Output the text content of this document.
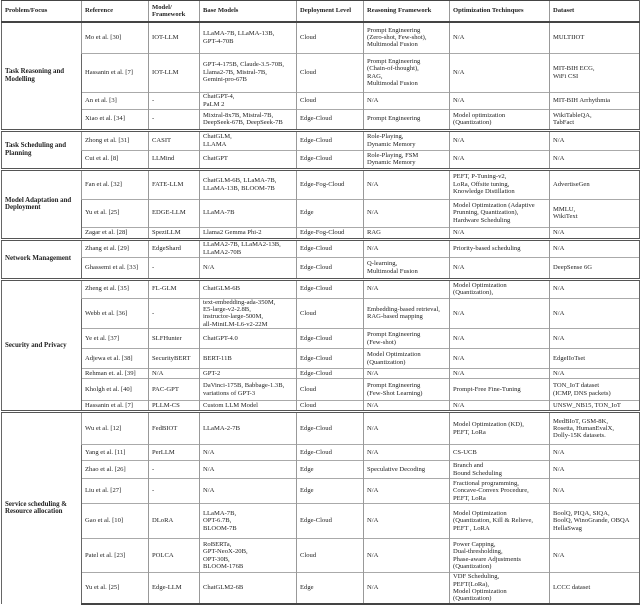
Problem/Focus	Reference	Model/ Framework	Base Models	Deployment Level	Reasoning Framework	Optimization Techinques	Dataset
Task Reasoning and Modelling	Mo et al. [30]	IOT-LLM	LLaMA-7B, LLaMA-13B,
GPT-4-70B	Cloud	Prompt Engineering
(Zero-shot, Few-shot),
Multimodal Fusion	N/A	MULTIIOT

	Hassanin et al. [7]	IOT-LLM	GPT-4-175B, Claude-3.5-70B,
Llama2-7B, Mistral-7B,
Gemini-pro-67B	Cloud	Prompt Engineering
(Chain-of-thought),
RAG,
Multimodal Fusion	N/A	MIT-BIH ECG,
WiFi CSI

	An et al. [3]	-	ChatGPT-4,
PaLM 2	Cloud	N/A	N/A	MIT-BIH Arrhythmia

	Xiao et al. [34]	-	Mixtral-8x7B, Mistral-7B,
DeepSeek-67B, DeepSeek-7B	Edge-Cloud	Prompt Engineering	Model optimization
(Quantization)	WikiTableQA,
TabFact

Task Scheduling and Planning	Zhong et al. [31]	CASIT	ChatGLM,
LLAMA	Edge-Cloud	Role-Playing,
Dynamic Memory	N/A	N/A

	Cui et al. [8]	LLMind	ChatGPT	Edge-Cloud	Role-Playing, FSM
Dynamic Memory	N/A	N/A

Model Adaptation and Deployment	Fan et al. [32]	FATE-LLM	ChatGLM-6B, LLaMA-7B,
LLaMA-13B, BLOOM-7B	Edge-Fog-Cloud	N/A	PEFT, P-Tuning-v2,
LoRa, Offsite tuning,
Knowledge Distillation	AdvertiseGen

	Yu et al. [25]	EDGE-LLM	LLaMA-7B	Edge	N/A	Model Optimization (Adaptive
Prunning, Quantization),
Hardware Scheduling	MMLU,
WikiText

	Zagar et al. [28]	SpeziLLM	Llama2 Gemma Phi-2	Edge-Fog-Cloud	RAG	N/A	N/A

Network Management	Zhang et al. [29]	EdgeShard	LLaMA2-7B, LLaMA2-13B,
LLaMA2-70B	Edge-Cloud	N/A	Priority-based scheduling	N/A

	Ghassemi et al. [33]	-	N/A	Edge-Cloud	Q-learning,
Multimodal Fusion	N/A	DeepSense 6G

Security and Privacy	Zheng et al. [35]	FL-GLM	ChatGLM-6B	Edge-Cloud	N/A	Model Optimization
(Quantization),	N/A

	Webb et al. [36]	-	text-embedding-ada-350M,
E5-large-v2-2.8B,
instructor-large-500M,
all-MiniLM-L6-v2-22M	Cloud	Embedding-based retrieval,
RAG-based mapping	N/A	N/A

	Ye et al. [37]	SLFHunter	ChatGPT-4.0	Edge-Cloud	Prompt Engineering
(Few-shot)	N/A	N/A

	Adjewa et al. [38]	SecurityBERT	BERT-11B	Edge-Cloud	Model Optimization
(Quantization)	N/A	EdgeIIoTset

	Rehman et. al. [39]	N/A	GPT-2	Edge-Cloud	N/A	N/A	N/A

	Kholgh et al. [40]	PAC-GPT	DaVinci-175B, Babbage-1.3B,
variations of GPT-3	Cloud	Prompt Engineering
(Few-Shot Learning)	Prompt-Free Fine-Tuning	TON_IoT dataset
(ICMP, DNS packets)

	Hassanin et al. [7]	PLLM-CS	Custom LLM Model	Cloud	N/A	N/A	UNSW_NB15, TON_IoT

Service scheduling & Resource allocation	Wu et al. [12]	FedBIOT	LLaMA-2-7B	Edge-Cloud	N/A	Model Optimization (KD),
PEFT, LoRa	MedBIoT, GSM-8K,
Rosetta, HumanEvalX,
Dolly-15K datasets.

	Yang et al. [11]	PerLLM	N/A	Edge-Cloud	N/A	CS-UCB	N/A

	Zhao et al. [26]	-	N/A	Edge	Speculative Decoding	Branch and
Bound Scheduling	N/A

	Liu et al. [27]	-	N/A	Edge	N/A	Fractional programming,
Concave-Convex Procedure,
PEFT, LoRa	N/A

	Gao et al. [10]	DLoRA	LLaMA-7B,
OPT-6.7B,
BLOOM-7B	Edge-Cloud	N/A	Model Optimization
(Quantization, Kill & Relieve,
PEFT , LoRA	BoolQ, PIQA, SIQA,
BoolQ, WinoGrande, OBQA
HellaSwag

	Patel et al. [23]	POLCA	RoBERTa,
GPT-NeoX-20B,
OPT-30B,
BLOOM-176B	Cloud	N/A	Power Capping,
Dual-thresholding,
Phase-aware Adjustments
(Quantization)	N/A

	Yu et al. [25]	Edge-LLM	ChatGLM2-6B	Edge	N/A	VDF Scheduling,
PEFT(LoRa),
Model Optimization
(Quantization)	LCCC dataset
